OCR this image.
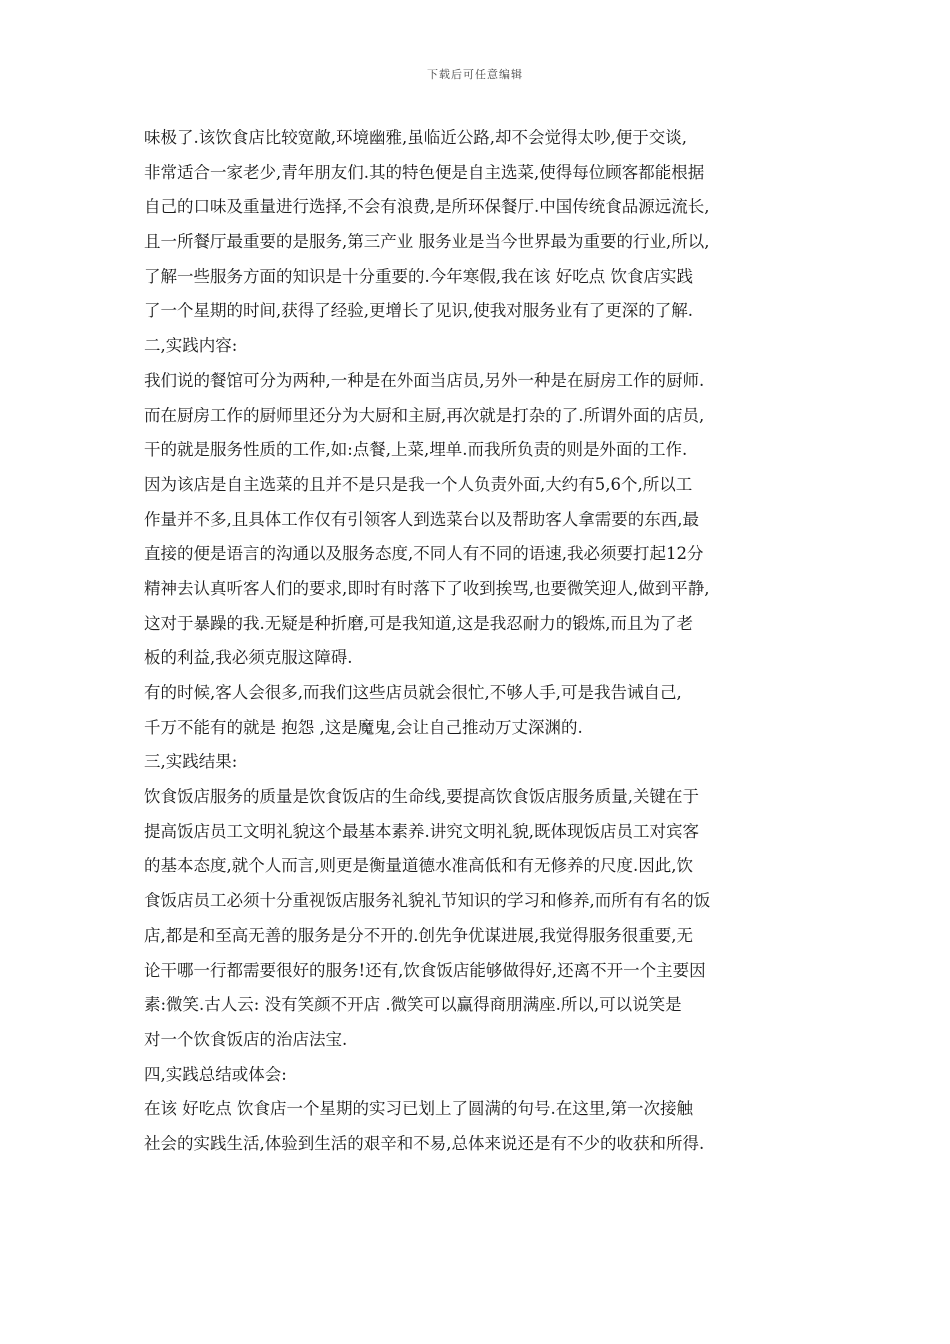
下载后可任意编辑
味极了.该饮食店比较宽敞,环境幽雅,虽临近公路,却不会觉得太吵,便于交谈,
非常适合一家老少,青年朋友们.其的特色便是自主选菜,使得每位顾客都能根据
自己的口味及重量进行选择,不会有浪费,是所环保餐厅.中国传统食品源远流长,
且一所餐厅最重要的是服务,第三产业 服务业是当今世界最为重要的行业,所以,
了解一些服务方面的知识是十分重要的.今年寒假,我在该 好吃点 饮食店实践
了一个星期的时间,获得了经验,更增长了见识,使我对服务业有了更深的了解.
二,实践内容:
我们说的餐馆可分为两种,一种是在外面当店员,另外一种是在厨房工作的厨师.
而在厨房工作的厨师里还分为大厨和主厨,再次就是打杂的了.所谓外面的店员,
干的就是服务性质的工作,如:点餐,上菜,埋单.而我所负责的则是外面的工作.
因为该店是自主选菜的且并不是只是我一个人负责外面,大约有5,6个,所以工
作量并不多,且具体工作仅有引领客人到选菜台以及帮助客人拿需要的东西,最
直接的便是语言的沟通以及服务态度,不同人有不同的语速,我必须要打起12分
精神去认真听客人们的要求,即时有时落下了收到挨骂,也要微笑迎人,做到平静,
这对于暴躁的我.无疑是种折磨,可是我知道,这是我忍耐力的锻炼,而且为了老
板的利益,我必须克服这障碍.
有的时候,客人会很多,而我们这些店员就会很忙,不够人手,可是我告诫自己,
千万不能有的就是 抱怨 ,这是魔鬼,会让自己推动万丈深渊的.
三,实践结果:
饮食饭店服务的质量是饮食饭店的生命线,要提高饮食饭店服务质量,关键在于
提高饭店员工文明礼貌这个最基本素养.讲究文明礼貌,既体现饭店员工对宾客
的基本态度,就个人而言,则更是衡量道德水准高低和有无修养的尺度.因此,饮
食饭店员工必须十分重视饭店服务礼貌礼节知识的学习和修养,而所有有名的饭
店,都是和至高无善的服务是分不开的.创先争优谋进展,我觉得服务很重要,无
论干哪一行都需要很好的服务!还有,饮食饭店能够做得好,还离不开一个主要因
素:微笑.古人云: 没有笑颜不开店 .微笑可以赢得商朋满座.所以,可以说笑是
对一个饮食饭店的治店法宝.
四,实践总结或体会:
在该 好吃点 饮食店一个星期的实习已划上了圆满的句号.在这里,第一次接触
社会的实践生活,体验到生活的艰辛和不易,总体来说还是有不少的收获和所得.
